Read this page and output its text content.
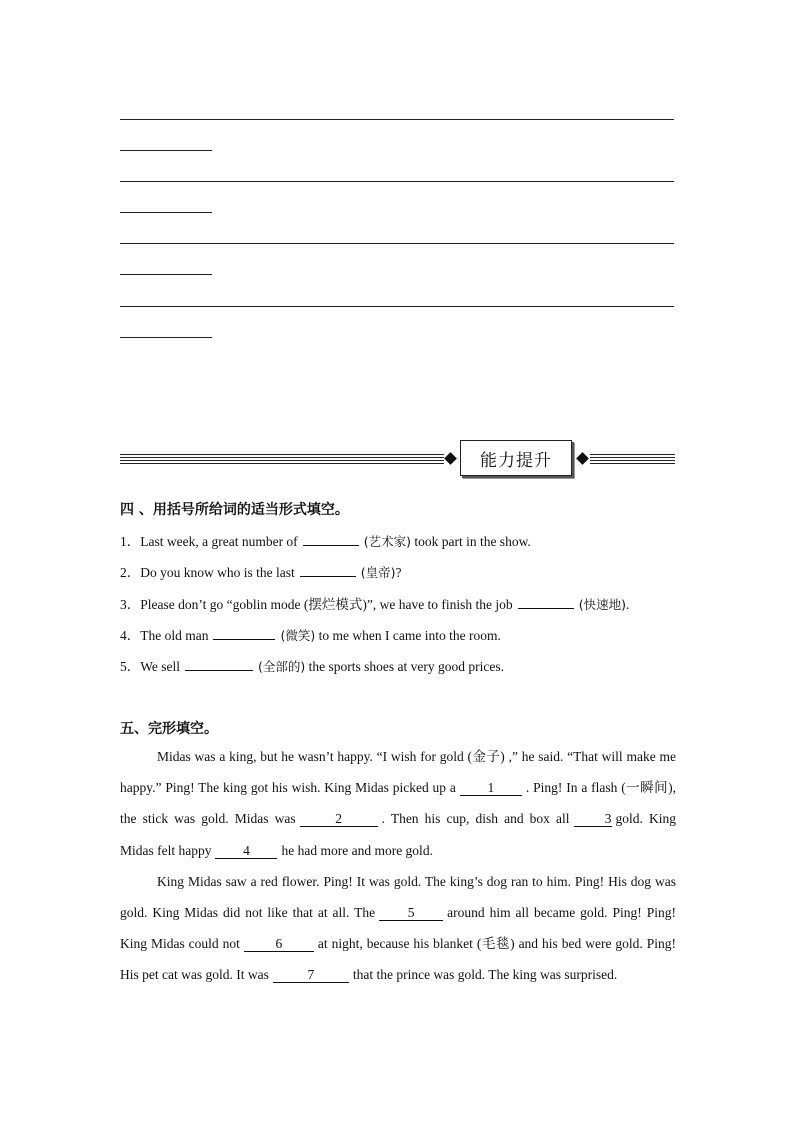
能力提升
四 、用括号所给词的适当形式填空。
1．Last week, a great number of	(艺术家) took part in the show.
2．Do you know who is the last	(皇帝)?
3．Please don’t go “goblin mode (摆烂模式)”, we have to finish the job	(快速地).
4．The old man	(微笑) to me when I came into the room.
5．We sell	(全部的) the sports shoes at very good prices.
五、完形填空。

Midas was a king, but he wasn’t happy. “I wish for gold (金子) ,” he said. “That will make me happy.” Ping! The king got his wish. King Midas picked up a 1 . Ping! In a flash (一瞬间), the stick was gold. Midas was	2	. Then his cup, dish and box all	3 gold. King Midas felt happy 4 he had more and more gold.

King Midas saw a red flower. Ping! It was gold. The king’s dog ran to him. Ping! His dog was gold. King Midas did not like that at all. The 5 around him all became gold. Ping! Ping! King Midas could not	6	at night, because his blanket (毛毯) and his bed were gold. Ping! His pet cat was gold. It was	7	that the prince was gold. The king was surprised.
